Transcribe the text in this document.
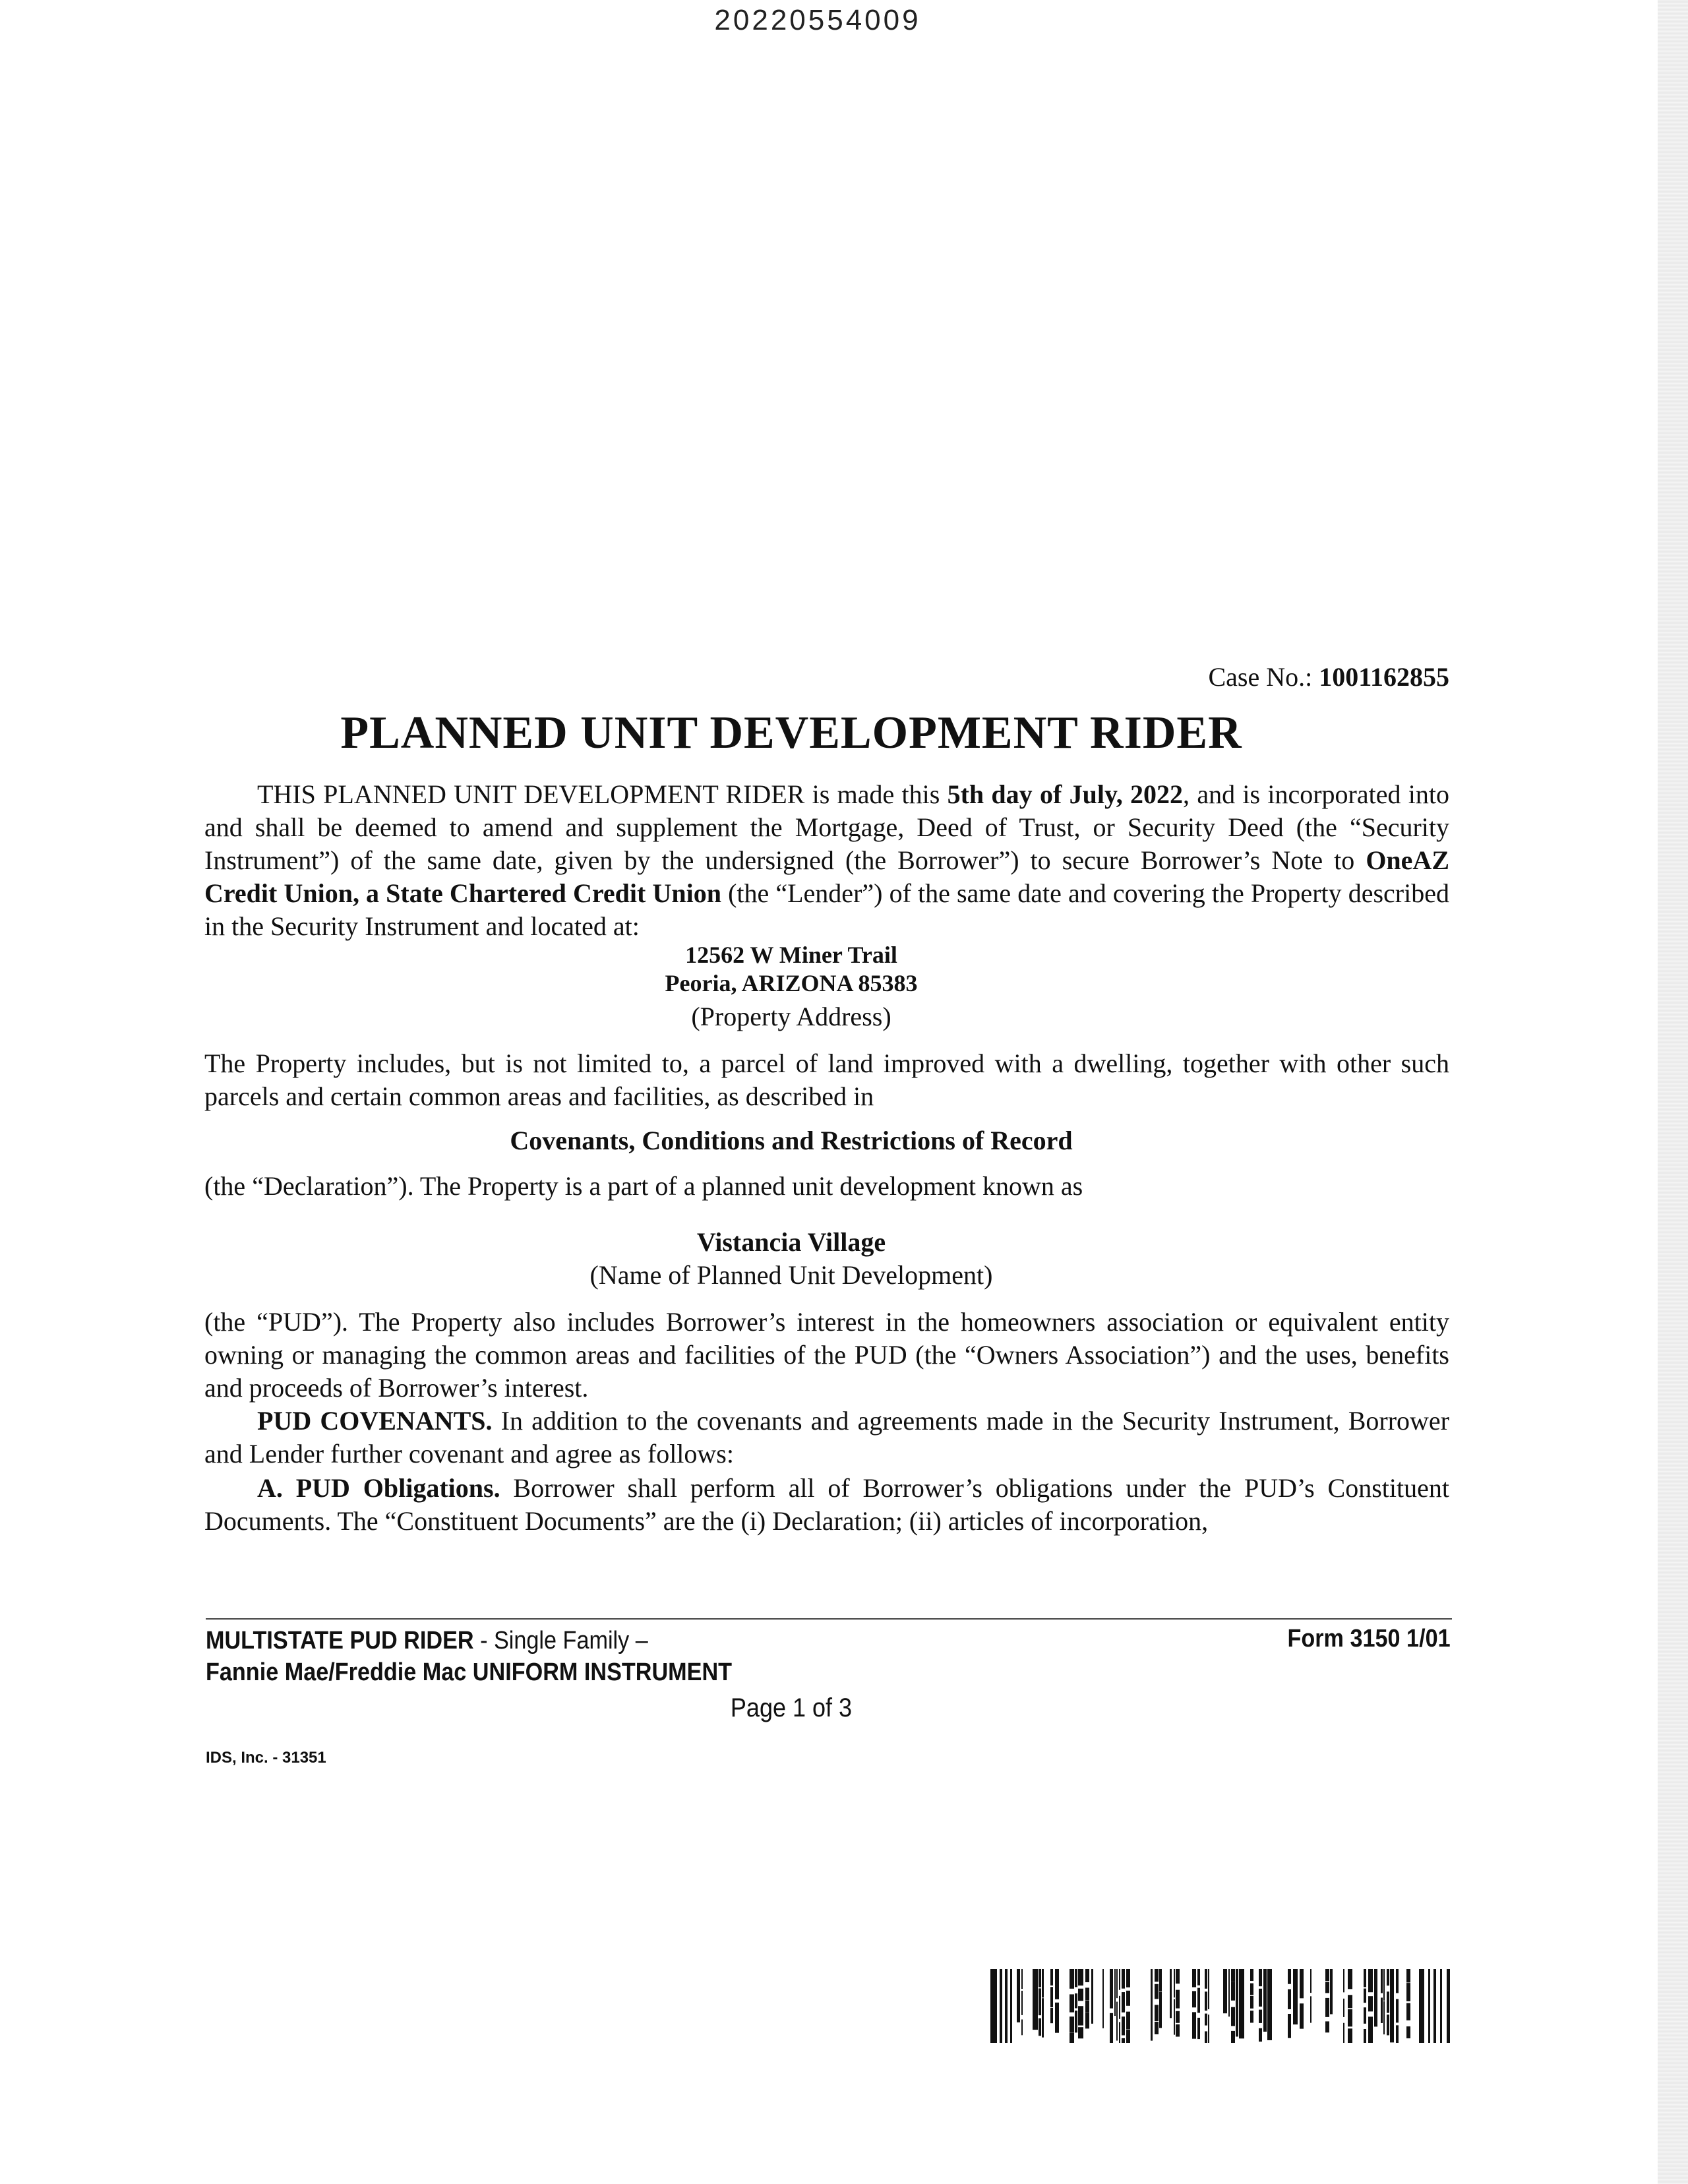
20220554009
Case No.: 1001162855
PLANNED UNIT DEVELOPMENT RIDER
THIS PLANNED UNIT DEVELOPMENT RIDER is made this 5th day of July, 2022, and is incorporated into and shall be deemed to amend and supplement the Mortgage, Deed of Trust, or Security Deed (the “Security Instrument”) of the same date, given by the undersigned (the Borrower”) to secure Borrower’s Note to OneAZ Credit Union, a State Chartered Credit Union (the “Lender”) of the same date and covering the Property described in the Security Instrument and located at:
12562 W Miner Trail
Peoria, ARIZONA 85383
(Property Address)
The Property includes, but is not limited to, a parcel of land improved with a dwelling, together with other such parcels and certain common areas and facilities, as described in
Covenants, Conditions and Restrictions of Record
(the “Declaration”). The Property is a part of a planned unit development known as
Vistancia Village
(Name of Planned Unit Development)
(the “PUD”). The Property also includes Borrower’s interest in the homeowners association or equivalent entity owning or managing the common areas and facilities of the PUD (the “Owners Association”) and the uses, benefits and proceeds of Borrower’s interest.
PUD COVENANTS. In addition to the covenants and agreements made in the Security Instrument, Borrower and Lender further covenant and agree as follows:
A. PUD Obligations. Borrower shall perform all of Borrower’s obligations under the PUD’s Constituent Documents. The “Constituent Documents” are the (i) Declaration; (ii) articles of incorporation,
MULTISTATE PUD RIDER - Single Family –
Fannie Mae/Freddie Mac UNIFORM INSTRUMENT
Form 3150 1/01
Page 1 of 3
IDS, Inc. - 31351
